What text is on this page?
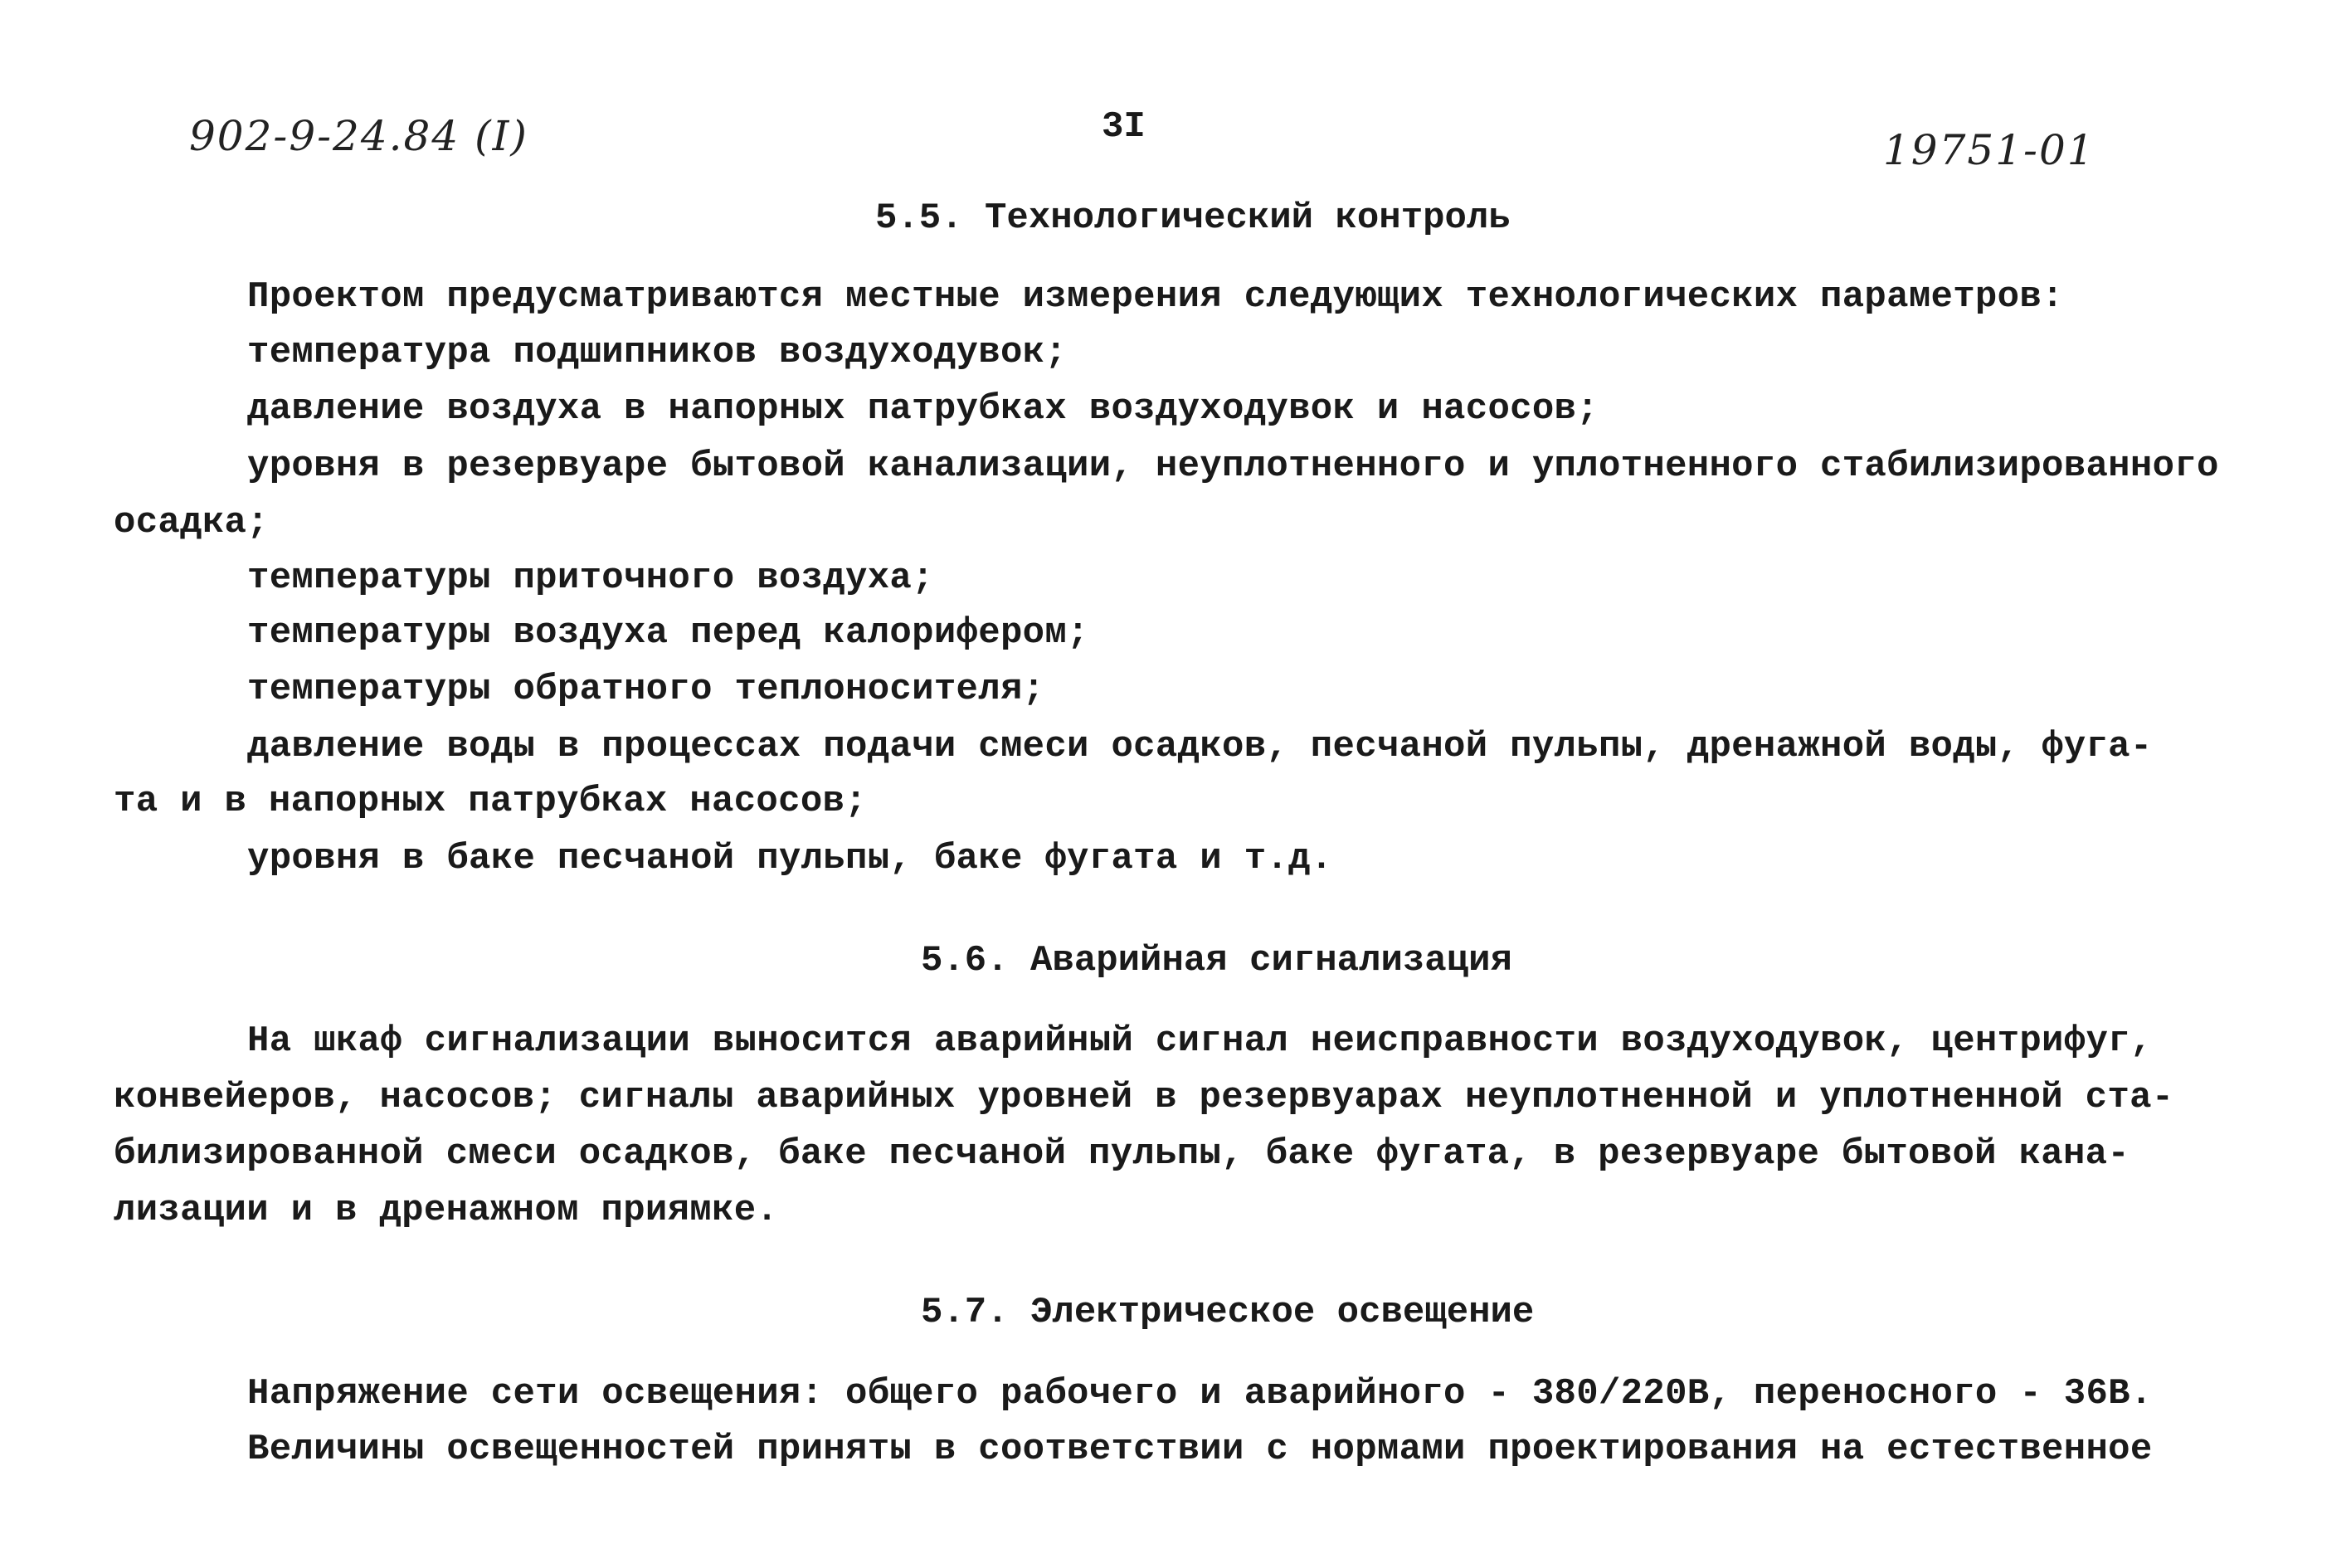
902-9-24.84 (I)	3I	19751-01
5.5. Технологический контроль
Проектом предусматриваются местные измерения следующих технологических параметров:
температура подшипников воздуходувок;
давление воздуха в напорных патрубках воздуходувок и насосов;
уровня в резервуаре бытовой канализации, неуплотненного и уплотненного стабилизированного
осадка;
температуры приточного воздуха;
температуры воздуха перед калорифером;
температуры обратного теплоносителя;
давление воды в процессах подачи смеси осадков, песчаной пульпы, дренажной воды, фуга-
та и в напорных патрубках насосов;
уровня в баке песчаной пульпы, баке фугата и т.д.
5.6. Аварийная сигнализация
На шкаф сигнализации выносится аварийный сигнал неисправности воздуходувок, центрифуг,
конвейеров, насосов; сигналы аварийных уровней в резервуарах неуплотненной и уплотненной ста-
билизированной смеси осадков, баке песчаной пульпы, баке фугата, в резервуаре бытовой кана-
лизации и в дренажном приямке.
5.7. Электрическое освещение
Напряжение сети освещения: общего рабочего и аварийного - 380/220В, переносного - 36В.
Величины освещенностей приняты в соответствии с нормами проектирования на естественное
